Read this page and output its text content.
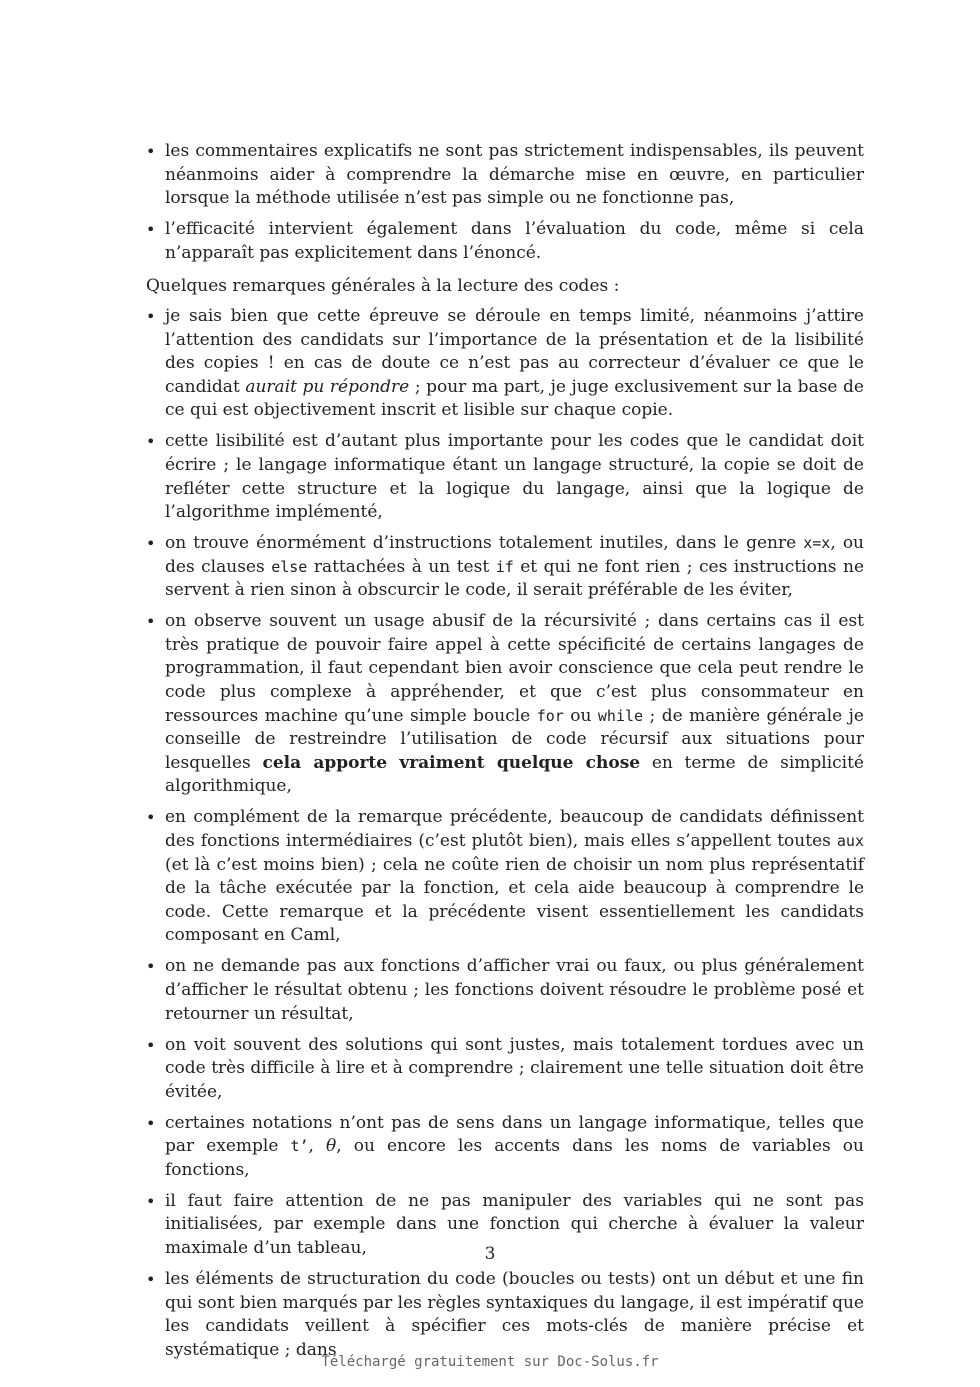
• les commentaires explicatifs ne sont pas strictement indispensables, ils peuvent néanmoins aider à comprendre la démarche mise en œuvre, en particulier lorsque la méthode utilisée n’est pas simple ou ne fonctionne pas,
• l’efficacité intervient également dans l’évaluation du code, même si cela n’apparaît pas explicitement dans l’énoncé.

Quelques remarques générales à la lecture des codes :

• je sais bien que cette épreuve se déroule en temps limité, néanmoins j’attire l’attention des candidats sur l’importance de la présentation et de la lisibilité des copies ! en cas de doute ce n’est pas au correcteur d’évaluer ce que le candidat aurait pu répondre ; pour ma part, je juge exclusivement sur la base de ce qui est objectivement inscrit et lisible sur chaque copie.
• cette lisibilité est d’autant plus importante pour les codes que le candidat doit écrire ; le langage informatique étant un langage structuré, la copie se doit de refléter cette structure et la logique du langage, ainsi que la logique de l’algorithme implémenté,
• on trouve énormément d’instructions totalement inutiles, dans le genre x=x, ou des clauses else rattachées à un test if et qui ne font rien ; ces instructions ne servent à rien sinon à obscurcir le code, il serait préférable de les éviter,
• on observe souvent un usage abusif de la récursivité ; dans certains cas il est très pratique de pouvoir faire appel à cette spécificité de certains langages de programmation, il faut cependant bien avoir conscience que cela peut rendre le code plus complexe à appréhender, et que c’est plus consommateur en ressources machine qu’une simple boucle for ou while ; de manière générale je conseille de restreindre l’utilisation de code récursif aux situations pour lesquelles cela apporte vraiment quelque chose en terme de simplicité algorithmique,
• en complément de la remarque précédente, beaucoup de candidats définissent des fonctions intermédiaires (c’est plutôt bien), mais elles s’appellent toutes aux (et là c’est moins bien) ; cela ne coûte rien de choisir un nom plus représentatif de la tâche exécutée par la fonction, et cela aide beaucoup à comprendre le code. Cette remarque et la précédente visent essentiellement les candidats composant en Caml,
• on ne demande pas aux fonctions d’afficher vrai ou faux, ou plus généralement d’afficher le résultat obtenu ; les fonctions doivent résoudre le problème posé et retourner un résultat,
• on voit souvent des solutions qui sont justes, mais totalement tordues avec un code très difficile à lire et à comprendre ; clairement une telle situation doit être évitée,
• certaines notations n’ont pas de sens dans un langage informatique, telles que par exemple t’, θ, ou encore les accents dans les noms de variables ou fonctions,
• il faut faire attention de ne pas manipuler des variables qui ne sont pas initialisées, par exemple dans une fonction qui cherche à évaluer la valeur maximale d’un tableau,
• les éléments de structuration du code (boucles ou tests) ont un début et une fin qui sont bien marqués par les règles syntaxiques du langage, il est impératif que les candidats veillent à spécifier ces mots-clés de manière précise et systématique ; dans
3
Téléchargé gratuitement sur Doc-Solus.fr
